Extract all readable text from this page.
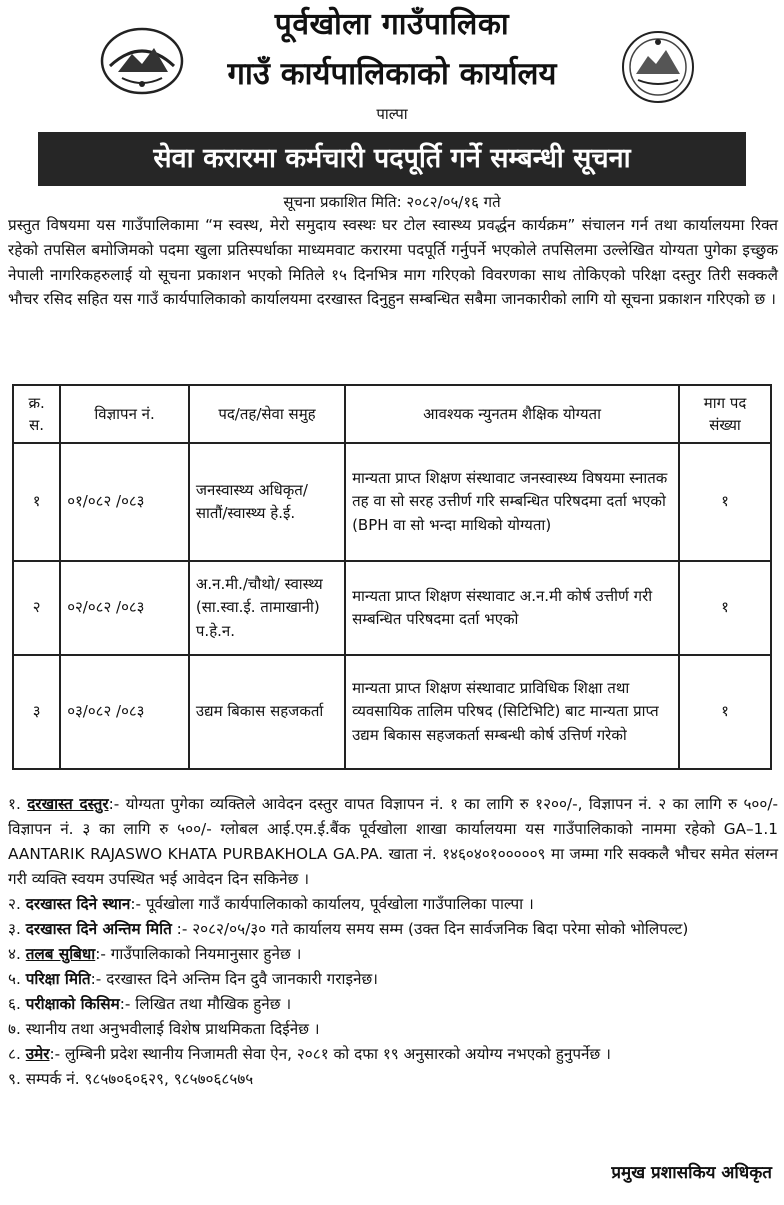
पूर्वखोला गाउँपालिका
गाउँ कार्यपालिकाको कार्यालय
पाल्पा
सेवा करारमा कर्मचारी पदपूर्ति गर्ने सम्बन्धी सूचना
सूचना प्रकाशित मिति: २०८२/०५/१६ गते
प्रस्तुत विषयमा यस गाउँपालिकामा “म स्वस्थ, मेरो समुदाय स्वस्थः घर टोल स्वास्थ्य प्रवर्द्धन कार्यक्रम” संचालन गर्न तथा कार्यालयमा रिक्त रहेको तपसिल बमोजिमको पदमा खुला प्रतिस्पर्धाका माध्यमवाट करारमा पदपूर्ति गर्नुपर्ने भएकोले तपसिलमा उल्लेखित योग्यता पुगेका इच्छुक नेपाली नागरिकहरुलाई यो सूचना प्रकाशन भएको मितिले १५ दिनभित्र माग गरिएको विवरणका साथ तोकिएको परिक्षा दस्तुर तिरी सक्कलै भौचर रसिद सहित यस गाउँ कार्यपालिकाको कार्यालयमा दरखास्त दिनुहुन सम्बन्धित सबैमा जानकारीको लागि यो सूचना प्रकाशन गरिएको छ ।
क्र. स.	विज्ञापन नं.	पद/तह/सेवा समुह	आवश्यक न्युनतम शैक्षिक योग्यता	माग पद संख्या
१	०१/०८२ /०८३	जनस्वास्थ्य अधिकृत/ सातौं/स्वास्थ्य हे.ई.	मान्यता प्राप्त शिक्षण संस्थावाट जनस्वास्थ्य विषयमा स्नातक तह वा सो सरह उत्तीर्ण गरि सम्बन्धित परिषदमा दर्ता भएको (BPH वा सो भन्दा माथिको योग्यता)	१
२	०२/०८२ /०८३	अ.न.मी./चौथो/ स्वास्थ्य (सा.स्वा.ई. तामाखानी) प.हे.न.	मान्यता प्राप्त शिक्षण संस्थावाट अ.न.मी कोर्ष उत्तीर्ण गरी सम्बन्धित परिषदमा दर्ता भएको	१
३	०३/०८२ /०८३	उद्यम बिकास सहजकर्ता	मान्यता प्राप्त शिक्षण संस्थावाट प्राविधिक शिक्षा तथा व्यवसायिक तालिम परिषद (सिटिभिटि) बाट मान्यता प्राप्त उद्यम बिकास सहजकर्ता सम्बन्धी कोर्ष उत्तिर्ण गरेको	१
१. दरखास्त दस्तुर:- योग्यता पुगेका व्यक्तिले आवेदन दस्तुर वापत विज्ञापन नं. १ का लागि रु १२००/-, विज्ञापन नं. २ का लागि रु ५००/- विज्ञापन नं. ३ का लागि रु ५००/- ग्लोबल आई.एम.ई.बैंक पूर्वखोला शाखा कार्यालयमा यस गाउँपालिकाको नाममा रहेको GA–1.1 AANTARIK RAJASWO KHATA PURBAKHOLA GA.PA. खाता नं. १४६०४०१०००००९ मा जम्मा गरि सक्कलै भौचर समेत संलग्न गरी व्यक्ति स्वयम उपस्थित भई आवेदन दिन सकिनेछ ।
२. दरखास्त दिने स्थान:- पूर्वखोला गाउँ कार्यपालिकाको कार्यालय, पूर्वखोला गाउँपालिका पाल्पा ।
३. दरखास्त दिने अन्तिम मिति :- २०८२/०५/३० गते कार्यालय समय सम्म (उक्त दिन सार्वजनिक बिदा परेमा सोको भोलिपल्ट)
४. तलब सुबिधा:- गाउँपालिकाको नियमानुसार हुनेछ ।
५. परिक्षा मिति:- दरखास्त दिने अन्तिम दिन दुवै जानकारी गराइनेछ।
६. परीक्षाको किसिम:- लिखित तथा मौखिक हुनेछ ।
७. स्थानीय तथा अनुभवीलाई विशेष प्राथमिकता दिईनेछ ।
८. उमेर:- लुम्बिनी प्रदेश स्थानीय निजामती सेवा ऐन, २०८१ को दफा १९ अनुसारको अयोग्य नभएको हुनुपर्नेछ ।
९. सम्पर्क नं. ९८५७०६०६२९, ९८५७०६८५७५
प्रमुख प्रशासकिय अधिकृत
